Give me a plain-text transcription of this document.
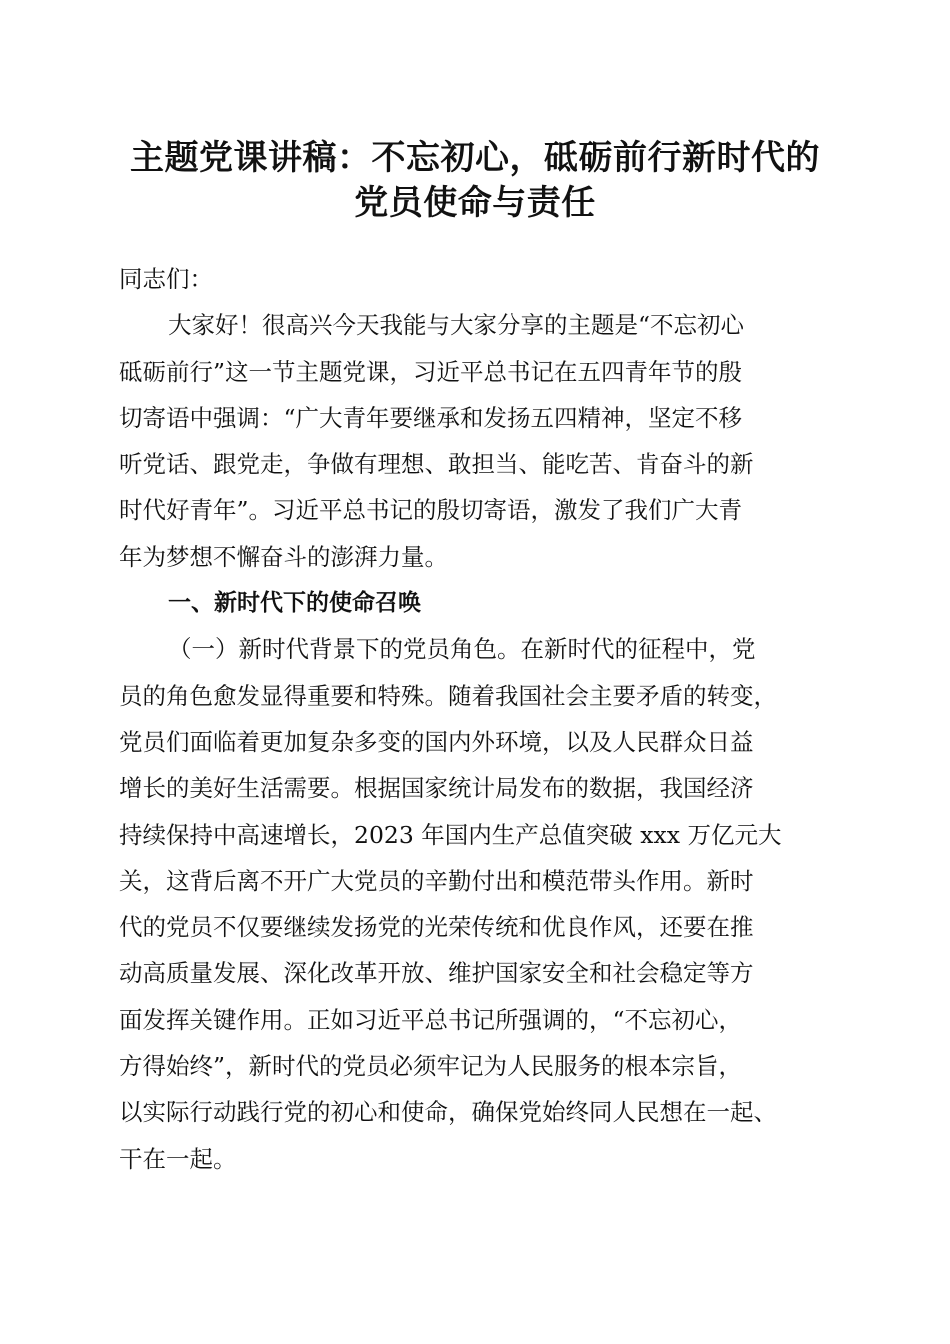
主题党课讲稿：不忘初心，砥砺前行新时代的
党员使命与责任
同志们：
大家好！很高兴今天我能与大家分享的主题是“不忘初心
砥砺前行”这一节主题党课，习近平总书记在五四青年节的殷
切寄语中强调：“广大青年要继承和发扬五四精神，坚定不移
听党话、跟党走，争做有理想、敢担当、能吃苦、肯奋斗的新
时代好青年”。习近平总书记的殷切寄语，激发了我们广大青
年为梦想不懈奋斗的澎湃力量。
一、新时代下的使命召唤
（一）新时代背景下的党员角色。在新时代的征程中，党
员的角色愈发显得重要和特殊。随着我国社会主要矛盾的转变，
党员们面临着更加复杂多变的国内外环境，以及人民群众日益
增长的美好生活需要。根据国家统计局发布的数据，我国经济
持续保持中高速增长，2023 年国内生产总值突破 xxx 万亿元大
关，这背后离不开广大党员的辛勤付出和模范带头作用。新时
代的党员不仅要继续发扬党的光荣传统和优良作风，还要在推
动高质量发展、深化改革开放、维护国家安全和社会稳定等方
面发挥关键作用。正如习近平总书记所强调的，“不忘初心，
方得始终”，新时代的党员必须牢记为人民服务的根本宗旨，
以实际行动践行党的初心和使命，确保党始终同人民想在一起、
干在一起。
